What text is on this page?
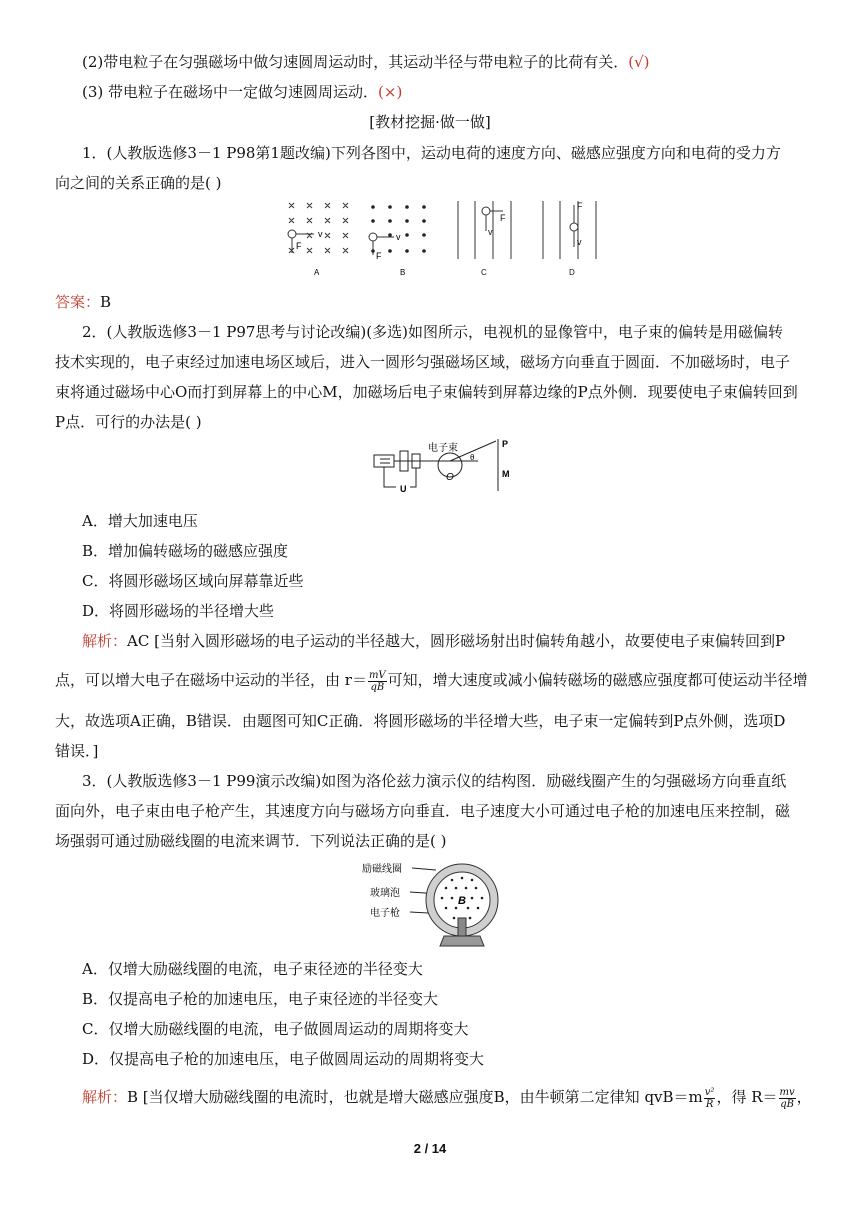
(2)带电粒子在匀强磁场中做匀速圆周运动时，其运动半径与带电粒子的比荷有关．(√)
(3) 带电粒子在磁场中一定做匀速圆周运动．(×)
[教材挖掘·做一做]
1．(人教版选修3－1 P98第1题改编)下列各图中，运动电荷的速度方向、磁感应强度方向和电荷的受力方
向之间的关系正确的是( )
v
F
A
v
F
B
F
v
C
F
v
D
答案：B
2．(人教版选修3－1 P97思考与讨论改编)(多选)如图所示，电视机的显像管中，电子束的偏转是用磁偏转
技术实现的，电子束经过加速电场区域后，进入一圆形匀强磁场区域，磁场方向垂直于圆面．不加磁场时，电子
束将通过磁场中心O而打到屏幕上的中心M，加磁场后电子束偏转到屏幕边缘的P点外侧．现要使电子束偏转回到
P点．可行的办法是( )
电子束	P
M
O
θ
U
A．增大加速电压
B．增加偏转磁场的磁感应强度
C．将圆形磁场区域向屏幕靠近些
D．将圆形磁场的半径增大些
解析：AC [当射入圆形磁场的电子运动的半径越大，圆形磁场射出时偏转角越小，故要使电子束偏转回到P
点，可以增大电子在磁场中运动的半径，由 $r= \frac{mV}{qB}$ 可知，增大速度或减小偏转磁场的磁感应强度都可使运动半径增
大，故选项A正确，B错误．由题图可知C正确．将圆形磁场的半径增大些，电子束一定偏转到P点外侧，选项D
错误．]
3．(人教版选修3－1 P99演示改编)如图为洛伦兹力演示仪的结构图．励磁线圈产生的匀强磁场方向垂直纸
面向外，电子束由电子枪产生，其速度方向与磁场方向垂直．电子速度大小可通过电子枪的加速电压来控制，磁
场强弱可通过励磁线圈的电流来调节．下列说法正确的是( )
励磁线圈
玻璃泡
电子枪
B
A．仅增大励磁线圈的电流，电子束径迹的半径变大
B．仅提高电子枪的加速电压，电子束径迹的半径变大
C．仅增大励磁线圈的电流，电子做圆周运动的周期将变大
D．仅提高电子枪的加速电压，电子做圆周运动的周期将变大
解析：B [当仅增大励磁线圈的电流时，也就是增大磁感应强度B，由牛顿第二定律知 $qvB=m \frac{\text{v²}}{R}$ ，得 $R= \frac{mv}{qB}$ ，
2 / 14
